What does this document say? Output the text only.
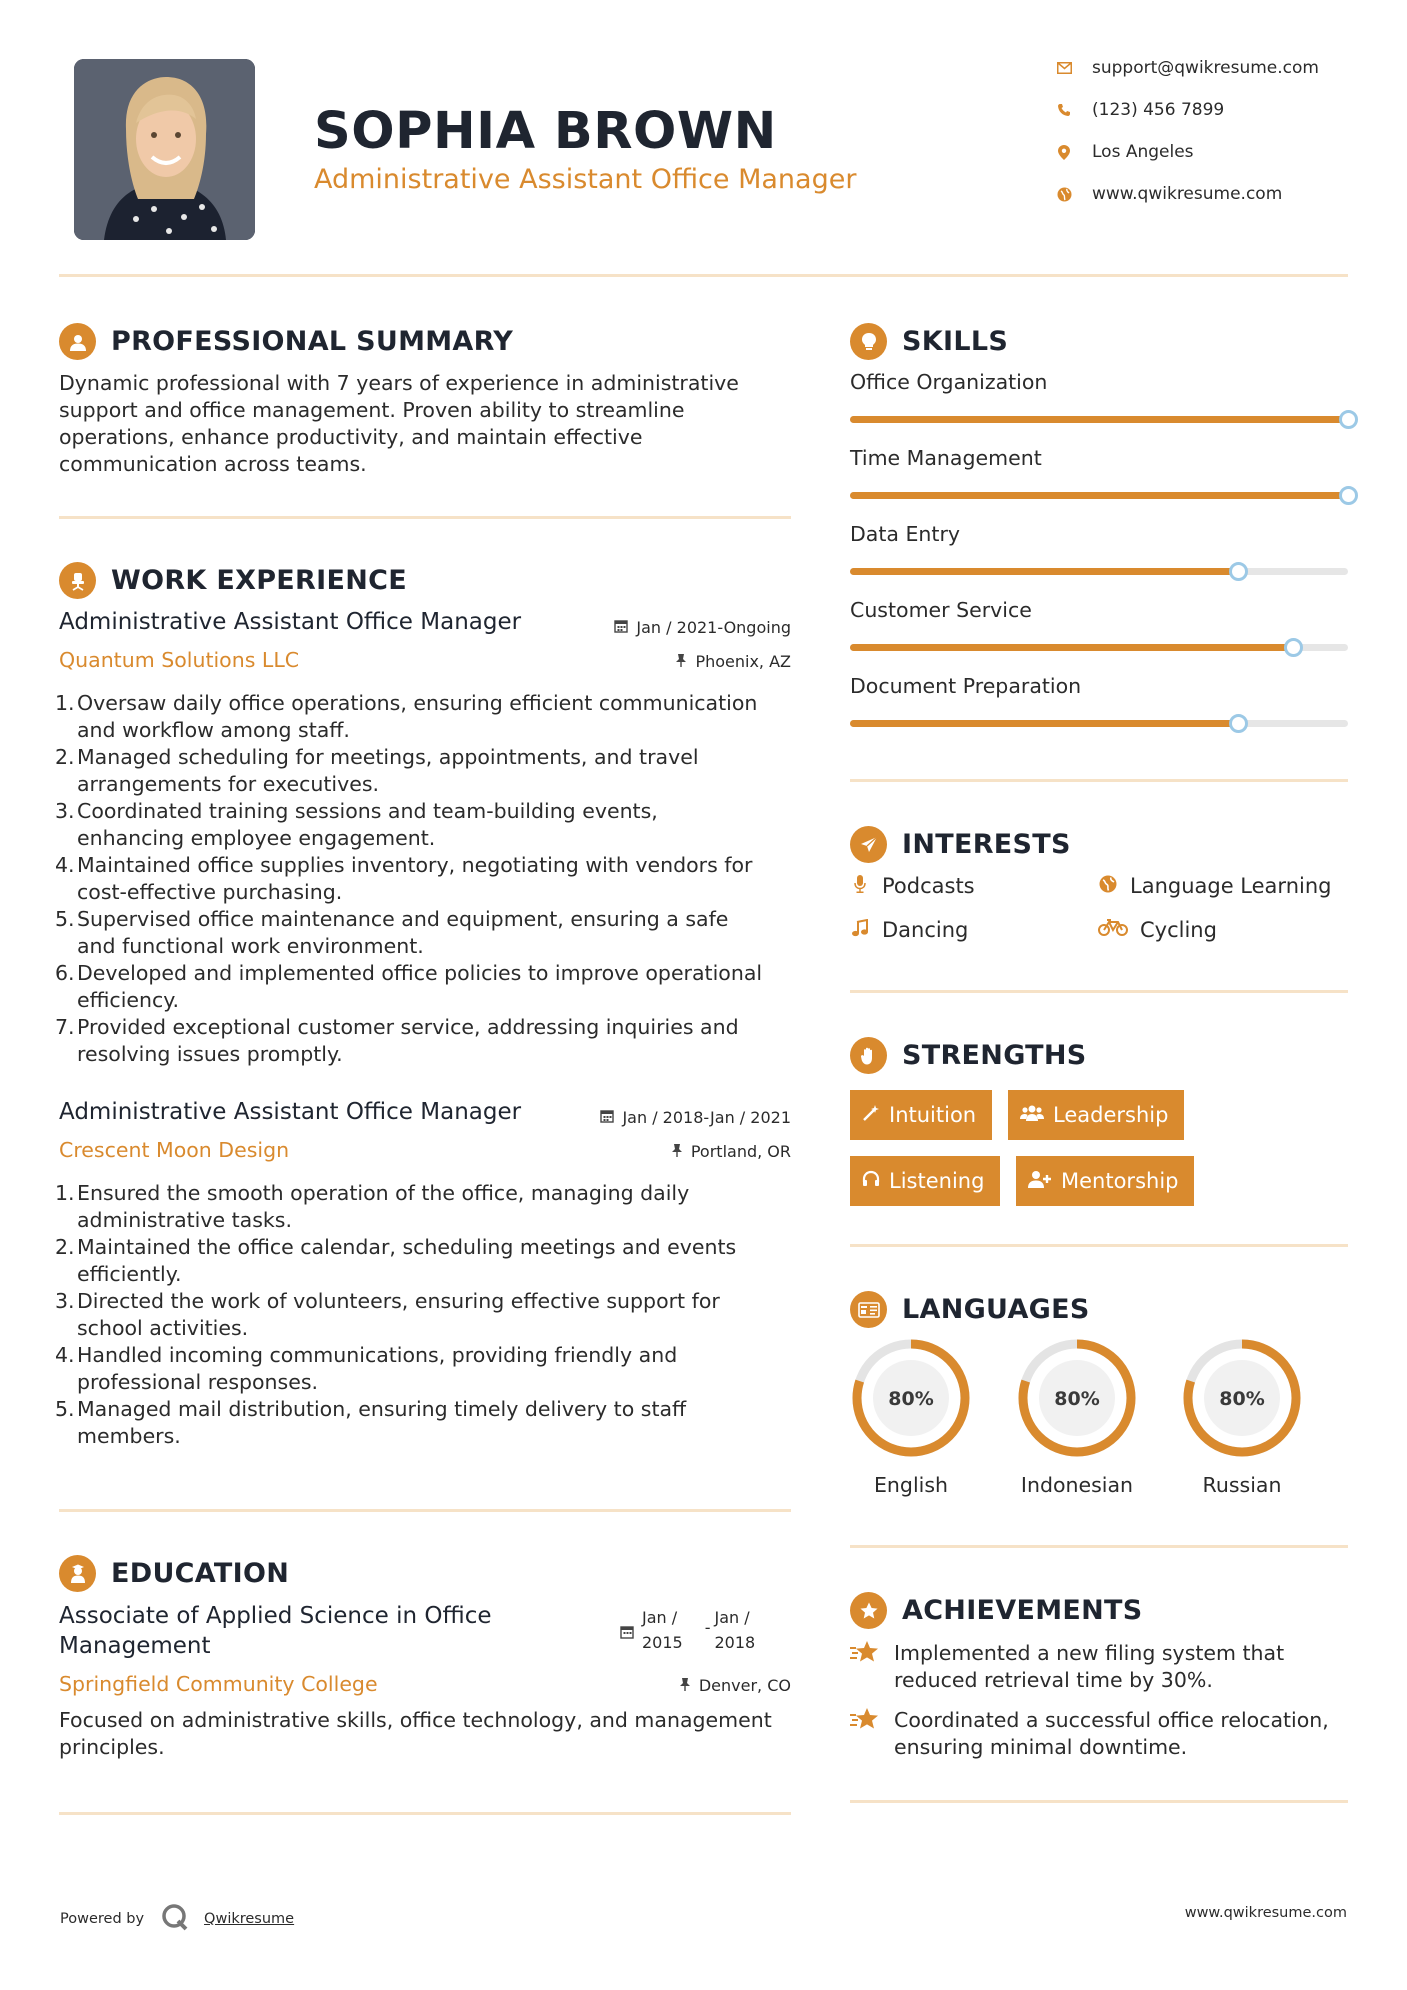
SOPHIA BROWN
Administrative Assistant Office Manager
support@qwikresume.com
(123) 456 7899
Los Angeles
www.qwikresume.com
PROFESSIONAL SUMMARY
Dynamic professional with 7 years of experience in administrative
support and office management. Proven ability to streamline
operations, enhance productivity, and maintain effective
communication across teams.
WORK EXPERIENCE
Administrative Assistant Office Manager	Jan / 2021-Ongoing
Quantum Solutions LLC	Phoenix, AZ
1. Oversaw daily office operations, ensuring efficient communication
and workflow among staff.
2. Managed scheduling for meetings, appointments, and travel
arrangements for executives.
3. Coordinated training sessions and team-building events,
enhancing employee engagement.
4. Maintained office supplies inventory, negotiating with vendors for
cost-effective purchasing.
5. Supervised office maintenance and equipment, ensuring a safe
and functional work environment.
6. Developed and implemented office policies to improve operational
efficiency.
7. Provided exceptional customer service, addressing inquiries and
resolving issues promptly.
Administrative Assistant Office Manager	Jan / 2018-Jan / 2021
Crescent Moon Design	Portland, OR
1. Ensured the smooth operation of the office, managing daily
administrative tasks.
2. Maintained the office calendar, scheduling meetings and events
efficiently.
3. Directed the work of volunteers, ensuring effective support for
school activities.
4. Handled incoming communications, providing friendly and
professional responses.
5. Managed mail distribution, ensuring timely delivery to staff
members.
EDUCATION
Associate of Applied Science in Office
Management
Jan /
2015
-
Jan /
2018
Springfield Community College	Denver, CO
Focused on administrative skills, office technology, and management
principles.
SKILLS
Office Organization
Time Management
Data Entry
Customer Service
Document Preparation
INTERESTS
Podcasts	Language Learning
Dancing	Cycling
STRENGTHS
Intuition	Leadership
Listening	Mentorship
LANGUAGES
80%
English
80%
Indonesian
80%
Russian
ACHIEVEMENTS
Implemented a new filing system that
reduced retrieval time by 30%.
Coordinated a successful office relocation,
ensuring minimal downtime.
Powered by	Qwikresume	www.qwikresume.com
